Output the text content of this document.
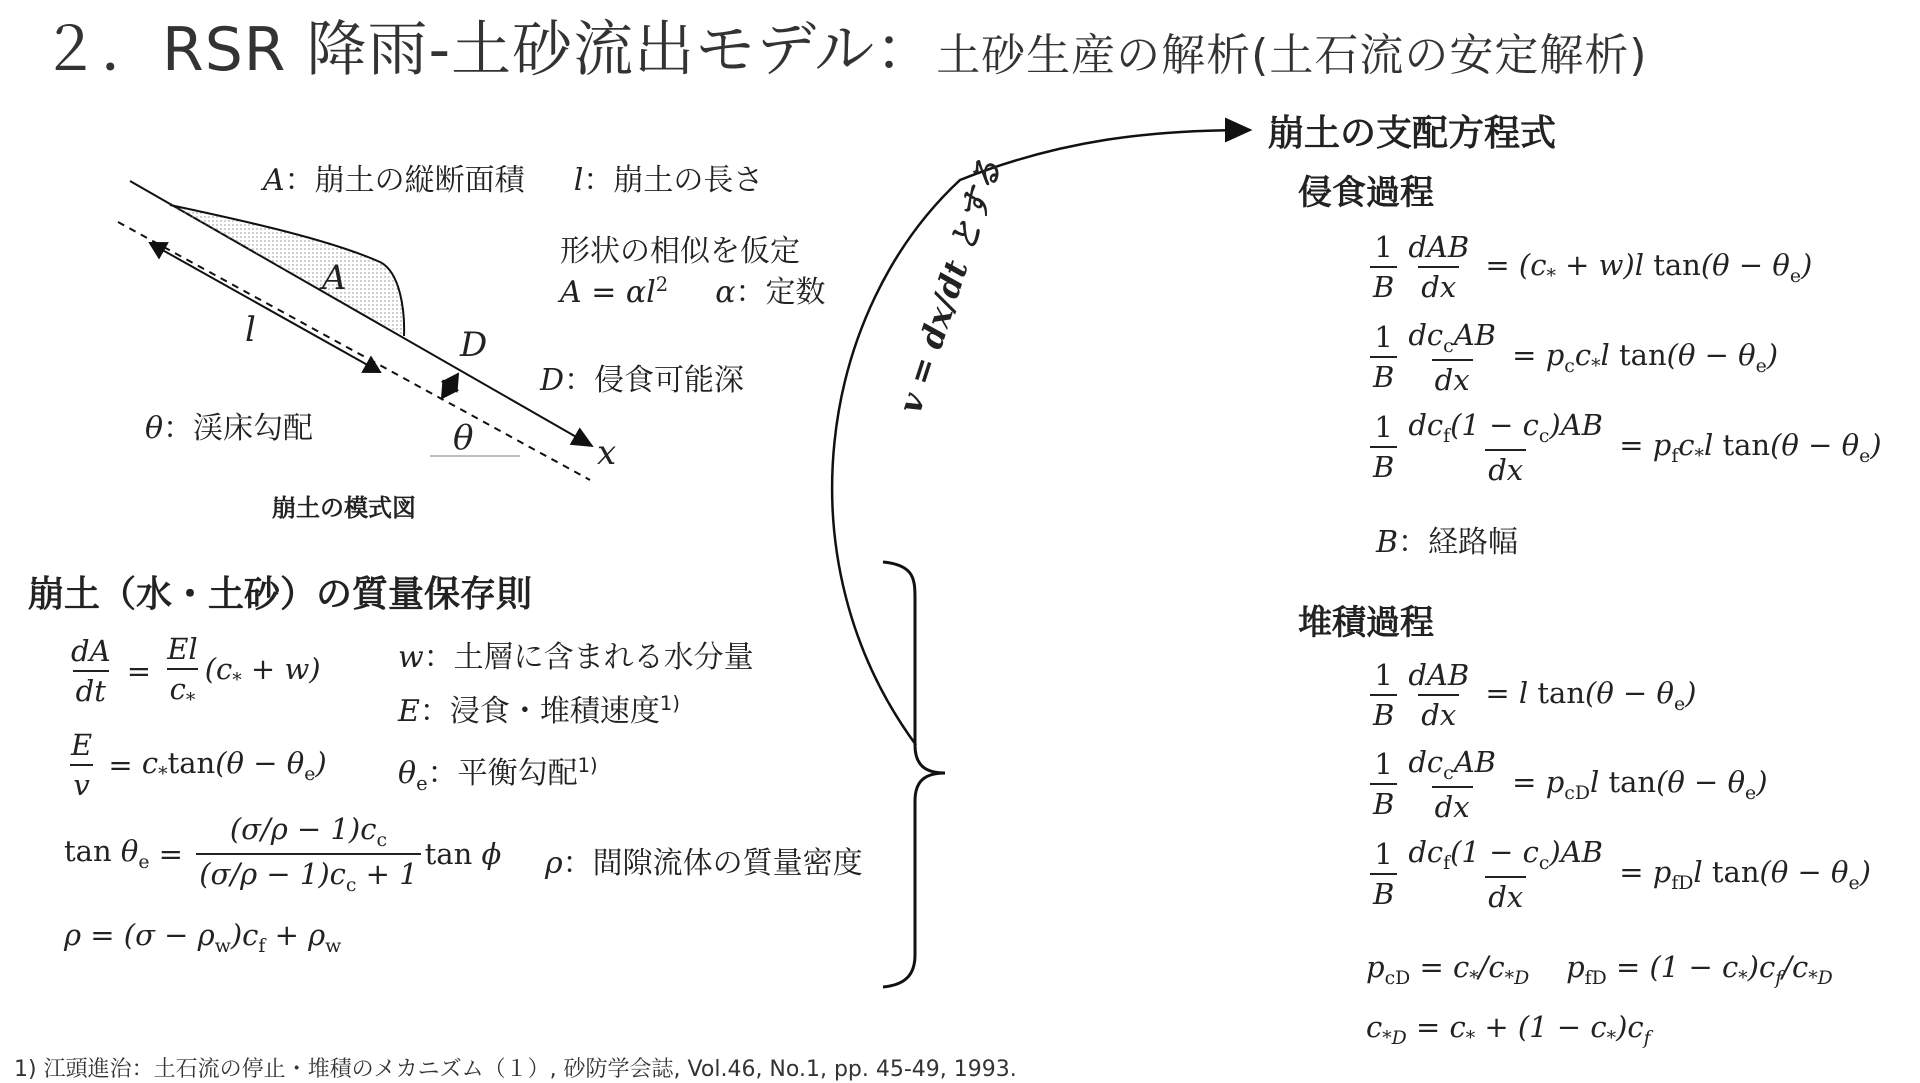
２．RSR 降雨-土砂流出モデル：土砂生産の解析(土石流の安定解析)
A：崩土の縦断面積 l：崩土の長さ
形状の相似を仮定
$A = \alpha l^2$ α：定数
A
l	D
θ	x
D：侵食可能深
θ：渓床勾配
崩土の模式図
崩土（水・土砂）の質量保存則
$\frac{dA}{dt} = \frac{El}{c_*} (c_* + w)$
$\frac{E}{v} = c_*\tan(\theta - \theta_e)$
$\tan \theta_e = \frac{(\sigma/\rho - 1)c_c}{(\sigma/\rho - 1)c_c + 1}$ tan ϕ
$\rho = (\sigma - \rho_w)c_f + \rho_w$
w：土層に含まれる水分量
E：浸食・堆積速度$^{1)}$
$\theta_e$：平衡勾配$^{1)}$
ρ：間隙流体の質量密度
v = dx/dt とする
崩土の支配方程式
侵食過程
$\frac{1}{B} \frac{\text{dAB}}{dx} = (c_* + w)l$ $\tan(\theta - \theta_e)$
$\frac{1}{B} \frac{dc_cAB}{dx} = p_cc_*l$ $\tan(\theta - \theta_e)$
$\frac{1}{B} \frac{dc_f(1 - c_c)AB}{dx} = p_fc_*l$ $\tan(\theta - \theta_e)$
B：経路幅
堆積過程
$\frac{1}{B} \frac{\text{dAB}}{dx} = l$ $\tan(\theta - \theta_e)$
$\frac{1}{B} \frac{dc_cAB}{dx} = p_{cD}l$ $\tan(\theta - \theta_e)$
$\frac{1}{B} \frac{dc_f(1 - c_c)AB}{dx} = p_{fD}l$ $\tan(\theta - \theta_e)$
$p_{cD} = c_*/c_{*D}$    $p_{fD} = (1 - c_*)c_f/c_{*D}$
$c_{*D} = c_* + (1 - c_*)c_f$
1) 江頭進治：土石流の停止・堆積のメカニズム（１）, 砂防学会誌, Vol.46, No.1, pp. 45-49, 1993.
